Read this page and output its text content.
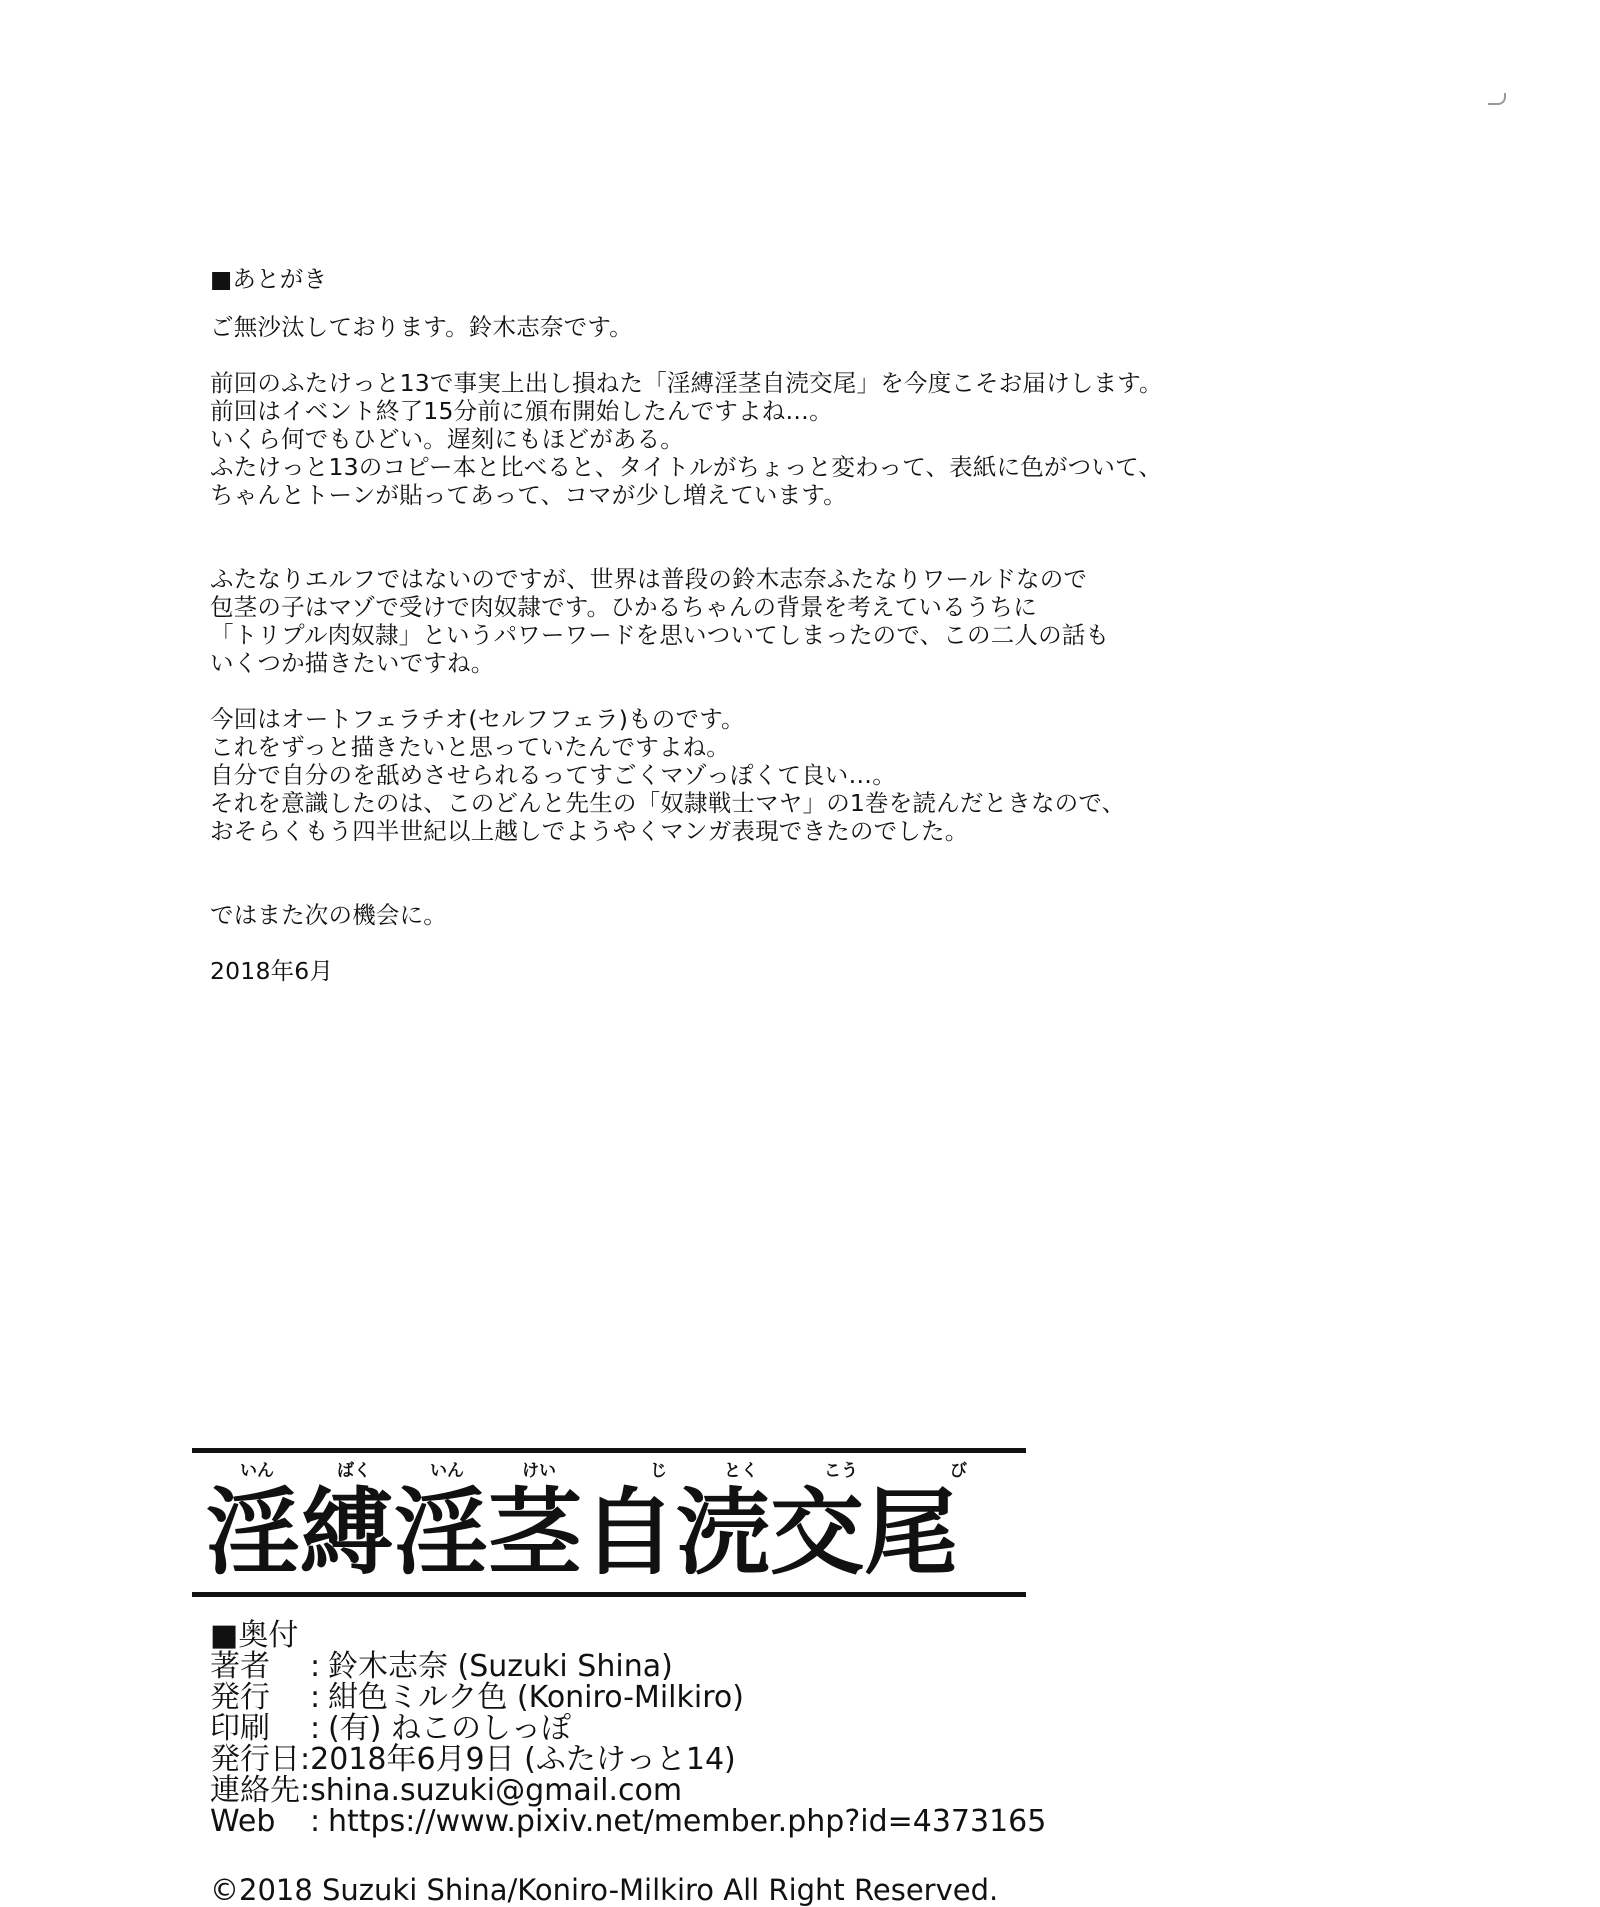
■あとがき
ご無沙汰しております。鈴木志奈です。
前回のふたけっと13で事実上出し損ねた「淫縛淫茎自涜交尾」を今度こそお届けします。
前回はイベント終了15分前に頒布開始したんですよね…。
いくら何でもひどい。遅刻にもほどがある。
ふたけっと13のコピー本と比べると、タイトルがちょっと変わって、表紙に色がついて、
ちゃんとトーンが貼ってあって、コマが少し増えています。
ふたなりエルフではないのですが、世界は普段の鈴木志奈ふたなりワールドなので
包茎の子はマゾで受けで肉奴隷です。ひかるちゃんの背景を考えているうちに
「トリプル肉奴隷」というパワーワードを思いついてしまったので、この二人の話も
いくつか描きたいですね。
今回はオートフェラチオ(セルフフェラ)ものです。
これをずっと描きたいと思っていたんですよね。
自分で自分のを舐めさせられるってすごくマゾっぽくて良い…。
それを意識したのは、このどんと先生の「奴隷戦士マヤ」の1巻を読んだときなので、
おそらくもう四半世紀以上越しでようやくマンガ表現できたのでした。
ではまた次の機会に。
2018年6月
いん	ばく	いん	けい	じ	とく	こう	び
淫縛淫茎自涜交尾
■奥付
著者 : 鈴木志奈 (Suzuki Shina)
発行 : 紺色ミルク色 (Koniro-Milkiro)
印刷 : (有) ねこのしっぽ
発行日:2018年6月9日 (ふたけっと14)
連絡先:shina.suzuki@gmail.com
Web : https://www.pixiv.net/member.php?id=4373165
©2018 Suzuki Shina/Koniro-Milkiro All Right Reserved.
